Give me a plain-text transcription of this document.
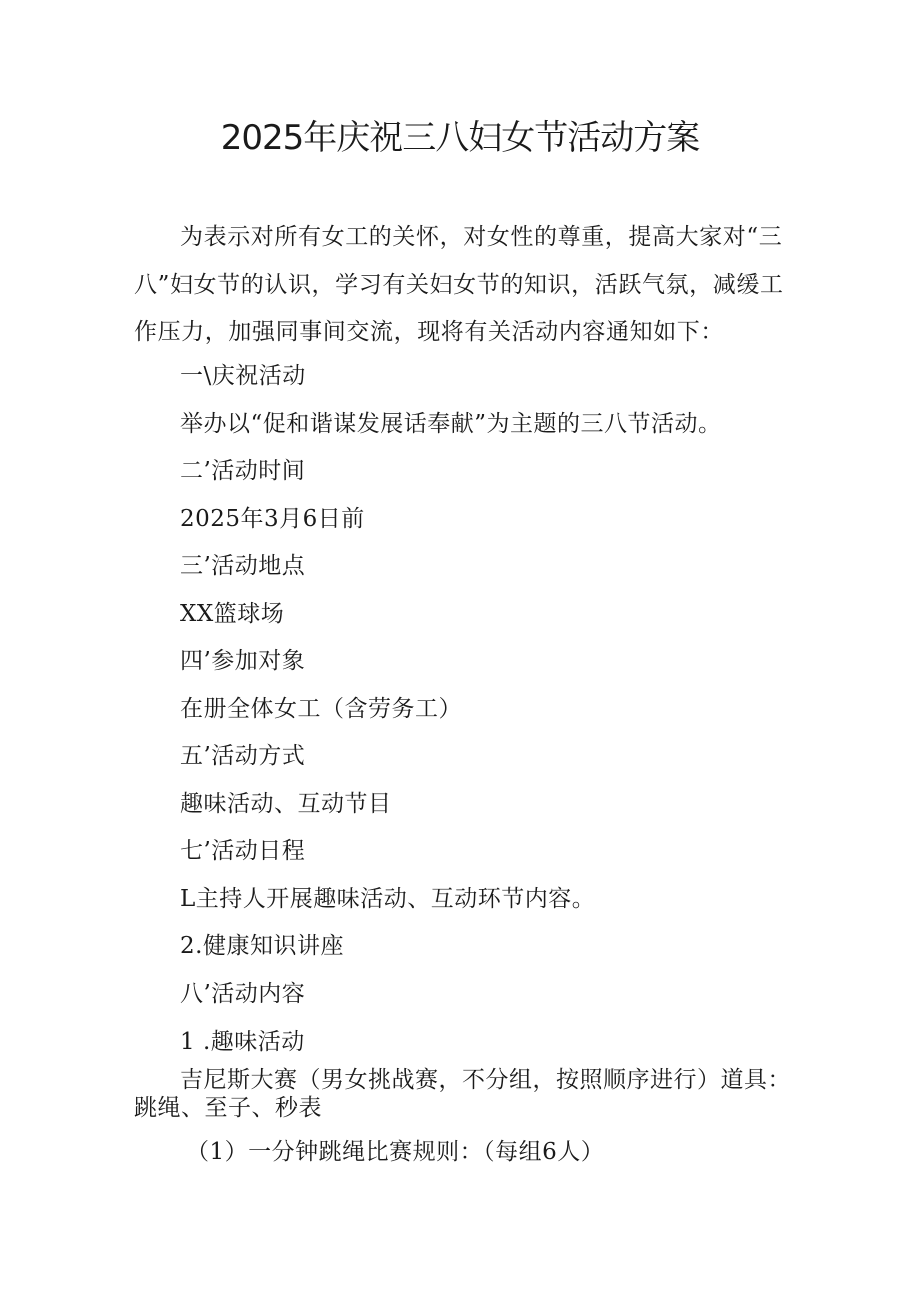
2025年庆祝三八妇女节活动方案

为表示对所有女工的关怀，对女性的尊重，提高大家对“三八”妇女节的认识，学习有关妇女节的知识，活跃气氛，减缓工作压力，加强同事间交流，现将有关活动内容通知如下：

一\庆祝活动

举办以“促和谐谋发展话奉献”为主题的三八节活动。

二’活动时间

2025年3月6日前

三’活动地点

XX篮球场

四’参加对象

在册全体女工（含劳务工）

五’活动方式

趣味活动、互动节目

七’活动日程

L主持人开展趣味活动、互动环节内容。

2.健康知识讲座

八’活动内容

1 .趣味活动

吉尼斯大赛（男女挑战赛，不分组，按照顺序进行）道具：跳绳、至子、秒表

（1）一分钟跳绳比赛规则：（每组6人）
